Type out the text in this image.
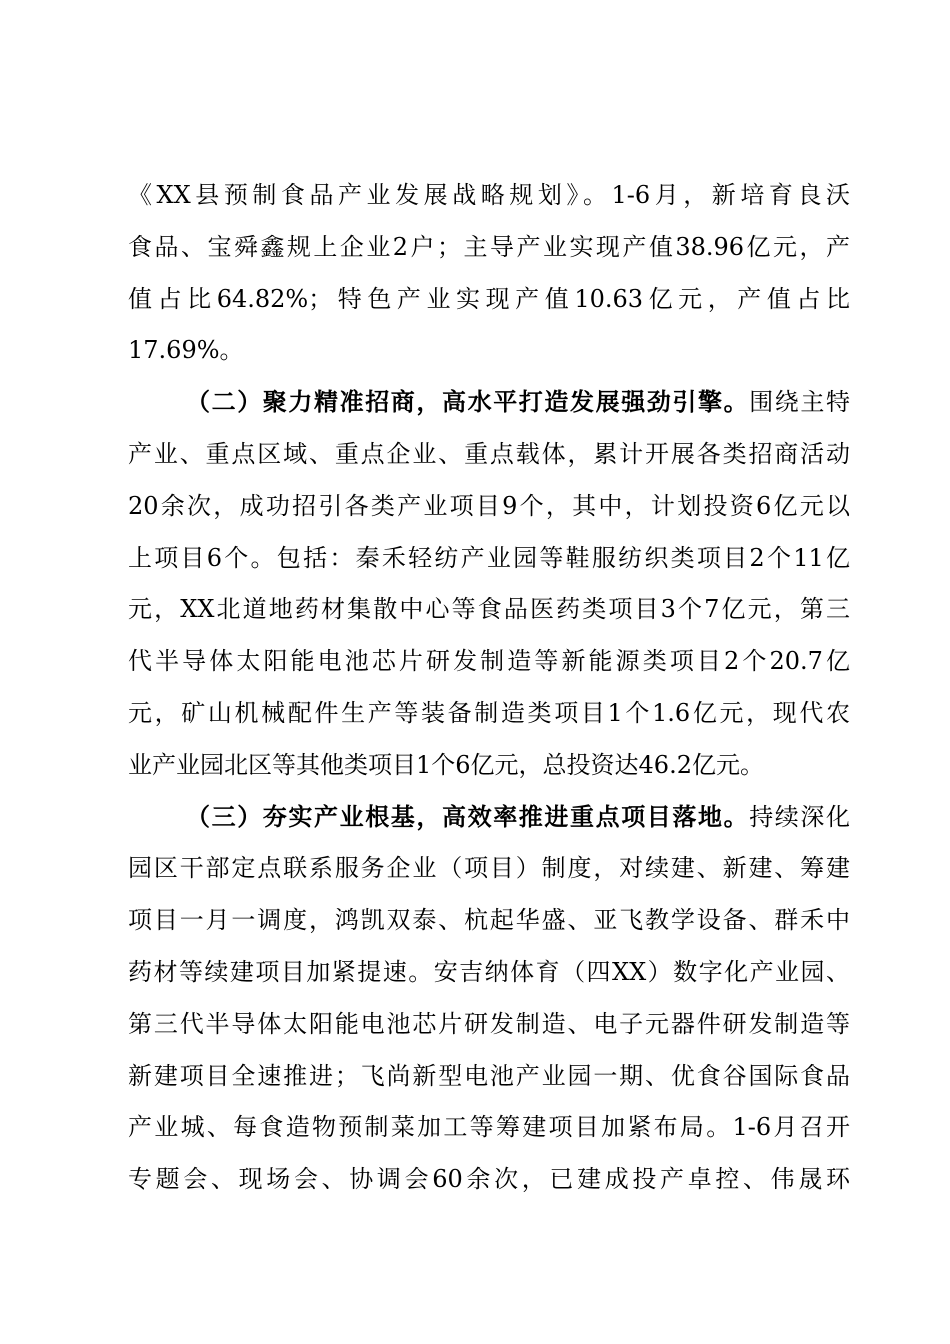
《XX县预制食品产业发展战略规划》。1-6月，新培育良沃
食品、宝舜鑫规上企业2户；主导产业实现产值38.96亿元，产
值占比64.82%；特色产业实现产值10.63亿元，产值占比
17.69%。
（二）聚力精准招商，高水平打造发展强劲引擎。围绕主特
产业、重点区域、重点企业、重点载体，累计开展各类招商活动
20余次，成功招引各类产业项目9个，其中，计划投资6亿元以
上项目6个。包括：秦禾轻纺产业园等鞋服纺织类项目2个11亿
元，XX北道地药材集散中心等食品医药类项目3个7亿元，第三
代半导体太阳能电池芯片研发制造等新能源类项目2个20.7亿
元，矿山机械配件生产等装备制造类项目1个1.6亿元，现代农
业产业园北区等其他类项目1个6亿元，总投资达46.2亿元。
（三）夯实产业根基，高效率推进重点项目落地。持续深化
园区干部定点联系服务企业（项目）制度，对续建、新建、筹建
项目一月一调度，鸿凯双泰、杭起华盛、亚飞教学设备、群禾中
药材等续建项目加紧提速。安吉纳体育（四XX）数字化产业园、
第三代半导体太阳能电池芯片研发制造、电子元器件研发制造等
新建项目全速推进；飞尚新型电池产业园一期、优食谷国际食品
产业城、每食造物预制菜加工等筹建项目加紧布局。1-6月召开
专题会、现场会、协调会60余次，已建成投产卓控、伟晟环
